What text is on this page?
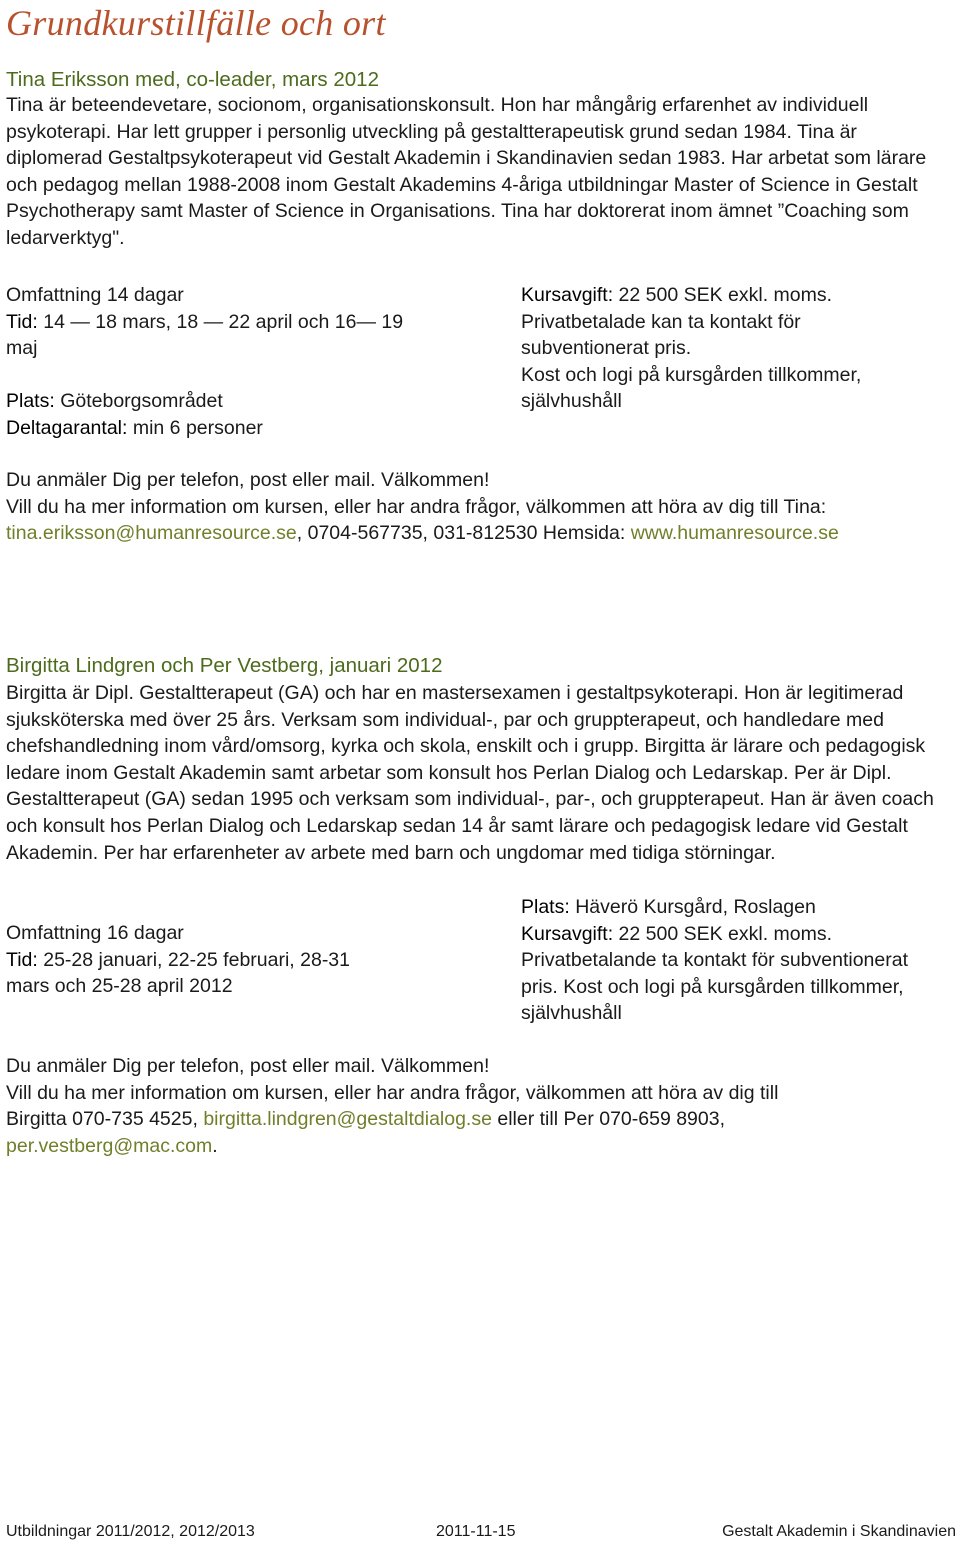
Grundkurstillfälle och ort
Tina Eriksson med, co-leader, mars 2012

Tina är beteendevetare, socionom, organisationskonsult. Hon har mångårig erfarenhet av individuell psykoterapi. Har lett grupper i personlig utveckling på gestaltterapeutisk grund sedan 1984. Tina är diplomerad Gestaltpsykoterapeut vid Gestalt Akademin i Skandinavien sedan 1983. Har arbetat som lärare och pedagog mellan 1988-2008 inom Gestalt Akademins 4-åriga utbildningar Master of Science in Gestalt Psychotherapy samt Master of Science in Organisations. Tina har doktorerat inom ämnet ”Coaching som ledarverktyg".

Omfattning 14 dagar
Tid: 14 — 18 mars, 18 — 22 april och 16— 19
maj
Plats: Göteborgsområdet
Deltagarantal: min 6 personer
Kursavgift: 22 500 SEK exkl. moms.
Privatbetalade kan ta kontakt för
subventionerat pris.
Kost och logi på kursgården tillkommer,
självhushåll
Du anmäler Dig per telefon, post eller mail. Välkommen!
Vill du ha mer information om kursen, eller har andra frågor, välkommen att höra av dig till Tina:
tina.eriksson@humanresource.se, 0704-567735, 031-812530 Hemsida: www.humanresource.se
Birgitta Lindgren och Per Vestberg, januari 2012

Birgitta är Dipl. Gestaltterapeut (GA) och har en mastersexamen i gestaltpsykoterapi. Hon är legitimerad sjuksköterska med över 25 års. Verksam som individual-, par och gruppterapeut, och handledare med chefshandledning inom vård/omsorg, kyrka och skola, enskilt och i grupp. Birgitta är lärare och pedagogisk ledare inom Gestalt Akademin samt arbetar som konsult hos Perlan Dialog och Ledarskap. Per är Dipl. Gestaltterapeut (GA) sedan 1995 och verksam som individual-, par-, och gruppterapeut. Han är även coach och konsult hos Perlan Dialog och Ledarskap sedan 14 år samt lärare och pedagogisk ledare vid Gestalt Akademin. Per har erfarenheter av arbete med barn och ungdomar med tidiga störningar.

Plats: Häverö Kursgård, Roslagen
Kursavgift: 22 500 SEK exkl. moms.
Privatbetalande ta kontakt för subventionerat
pris. Kost och logi på kursgården tillkommer,
självhushåll
Omfattning 16 dagar
Tid: 25-28 januari, 22-25 februari, 28-31
mars och 25-28 april 2012
Du anmäler Dig per telefon, post eller mail. Välkommen!
Vill du ha mer information om kursen, eller har andra frågor, välkommen att höra av dig till
Birgitta 070-735 4525, birgitta.lindgren@gestaltdialog.se eller till Per 070-659 8903,
per.vestberg@mac.com.
Utbildningar 2011/2012, 2012/2013	2011-11-15	Gestalt Akademin i Skandinavien
